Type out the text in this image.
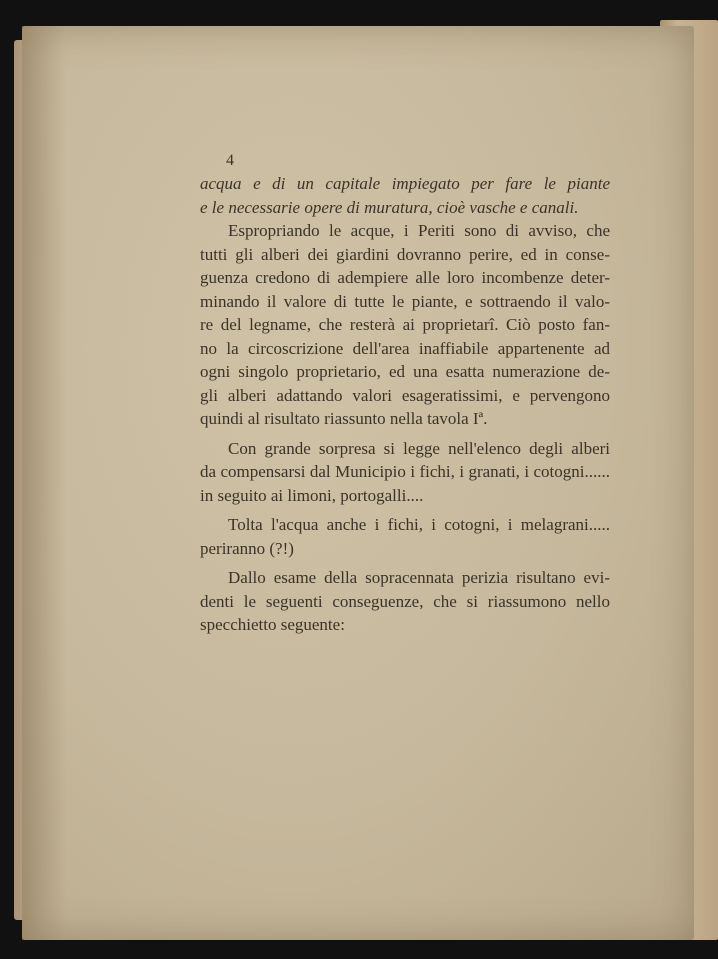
4
acqua e di un capitale impiegato per fare le piante
e le necessarie opere di muratura, cioè vasche e canali.
Espropriando le acque, i Periti sono di avviso, che
tutti gli alberi dei giardini dovranno perire, ed in conse-
guenza credono di adempiere alle loro incombenze deter-
minando il valore di tutte le piante, e sottraendo il valo-
re del legname, che resterà ai proprietarî. Ciò posto fan-
no la circoscrizione dell'area inaffiabile appartenente ad
ogni singolo proprietario, ed una esatta numerazione de-
gli alberi adattando valori esageratissimi, e pervengono
quindi al risultato riassunto nella tavola Iª.
Con grande sorpresa si legge nell'elenco degli alberi
da compensarsi dal Municipio i fichi, i granati, i cotogni......
in seguito ai limoni, portogalli....
Tolta l'acqua anche i fichi, i cotogni, i melagrani.....
periranno (?!)
Dallo esame della sopracennata perizia risultano evi-
denti le seguenti conseguenze, che si riassumono nello
specchietto seguente:
